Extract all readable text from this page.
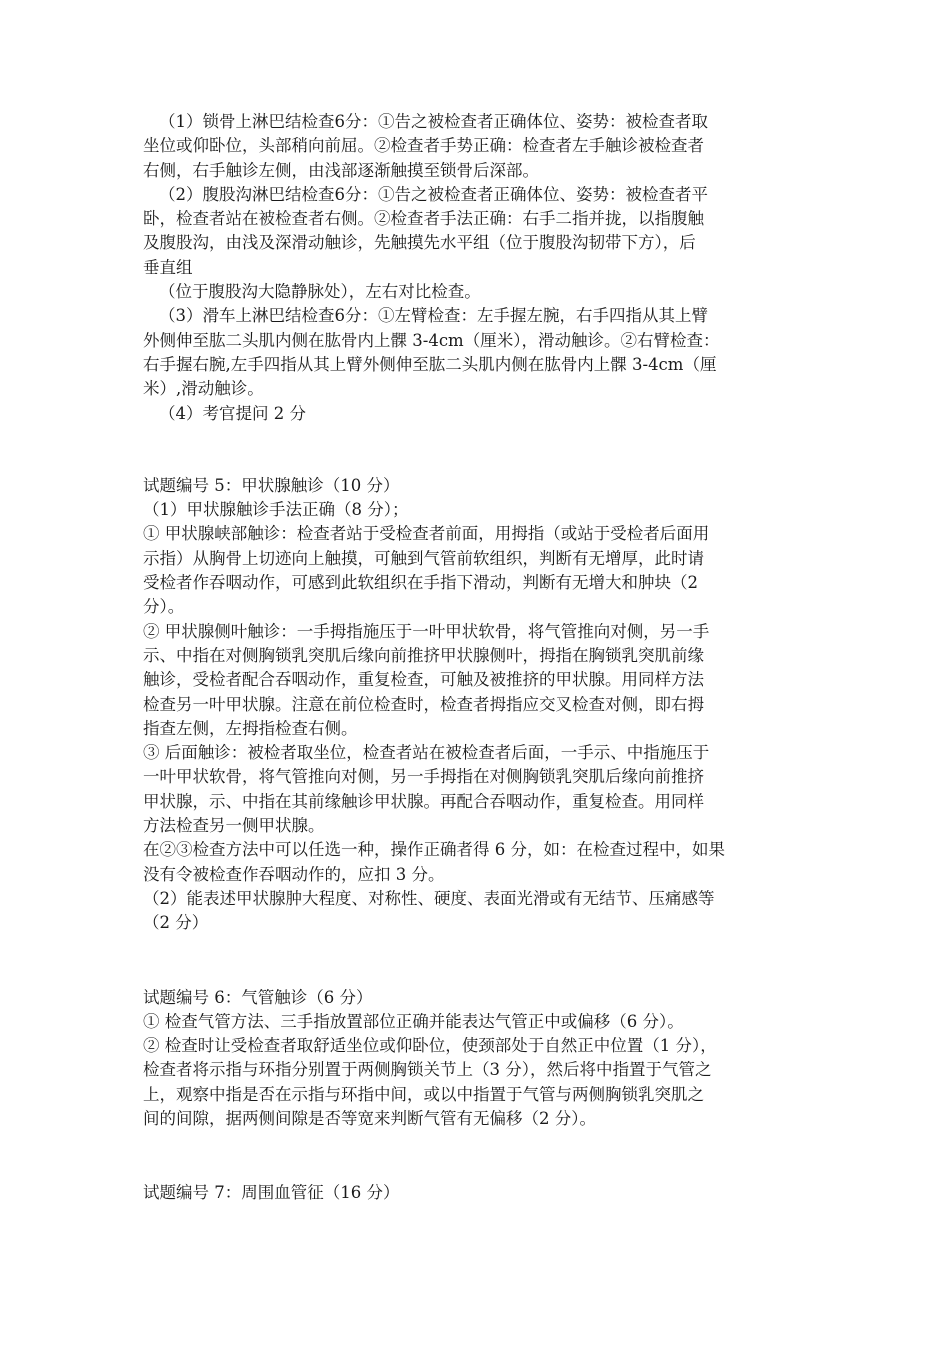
（1）锁骨上淋巴结检查6分：①告之被检查者正确体位、姿势：被检查者取
坐位或仰卧位，头部稍向前屈。②检查者手势正确：检查者左手触诊被检查者
右侧，右手触诊左侧，由浅部逐渐触摸至锁骨后深部。
（2）腹股沟淋巴结检查6分：①告之被检查者正确体位、姿势：被检查者平
卧，检查者站在被检查者右侧。②检查者手法正确：右手二指并拢，以指腹触
及腹股沟，由浅及深滑动触诊，先触摸先水平组（位于腹股沟韧带下方），后
垂直组
（位于腹股沟大隐静脉处），左右对比检查。
（3）滑车上淋巴结检查6分：①左臂检查：左手握左腕，右手四指从其上臂
外侧伸至肱二头肌内侧在肱骨内上髁 3-4cm（厘米），滑动触诊。②右臂检查：
右手握右腕,左手四指从其上臂外侧伸至肱二头肌内侧在肱骨内上髁 3-4cm（厘
米）,滑动触诊。
（4）考官提问 2 分
试题编号 5：甲状腺触诊（10 分）
（1）甲状腺触诊手法正确（8 分）；
① 甲状腺峡部触诊：检查者站于受检查者前面，用拇指（或站于受检者后面用
示指）从胸骨上切迹向上触摸，可触到气管前软组织，判断有无增厚，此时请
受检者作吞咽动作，可感到此软组织在手指下滑动，判断有无增大和肿块（2
分）。
② 甲状腺侧叶触诊：一手拇指施压于一叶甲状软骨，将气管推向对侧，另一手
示、中指在对侧胸锁乳突肌后缘向前推挤甲状腺侧叶，拇指在胸锁乳突肌前缘
触诊，受检者配合吞咽动作，重复检查，可触及被推挤的甲状腺。用同样方法
检查另一叶甲状腺。注意在前位检查时，检查者拇指应交叉检查对侧，即右拇
指查左侧，左拇指检查右侧。
③ 后面触诊：被检者取坐位，检查者站在被检查者后面，一手示、中指施压于
一叶甲状软骨，将气管推向对侧，另一手拇指在对侧胸锁乳突肌后缘向前推挤
甲状腺，示、中指在其前缘触诊甲状腺。再配合吞咽动作，重复检查。用同样
方法检查另一侧甲状腺。
在②③检查方法中可以任选一种，操作正确者得 6 分，如：在检查过程中，如果
没有令被检查作吞咽动作的，应扣 3 分。
（2）能表述甲状腺肿大程度、对称性、硬度、表面光滑或有无结节、压痛感等
（2 分）
试题编号 6：气管触诊（6 分）
① 检查气管方法、三手指放置部位正确并能表达气管正中或偏移（6 分）。
② 检查时让受检查者取舒适坐位或仰卧位，使颈部处于自然正中位置（1 分），
检查者将示指与环指分别置于两侧胸锁关节上（3 分），然后将中指置于气管之
上，观察中指是否在示指与环指中间，或以中指置于气管与两侧胸锁乳突肌之
间的间隙，据两侧间隙是否等宽来判断气管有无偏移（2 分）。
试题编号 7：周围血管征（16 分）
